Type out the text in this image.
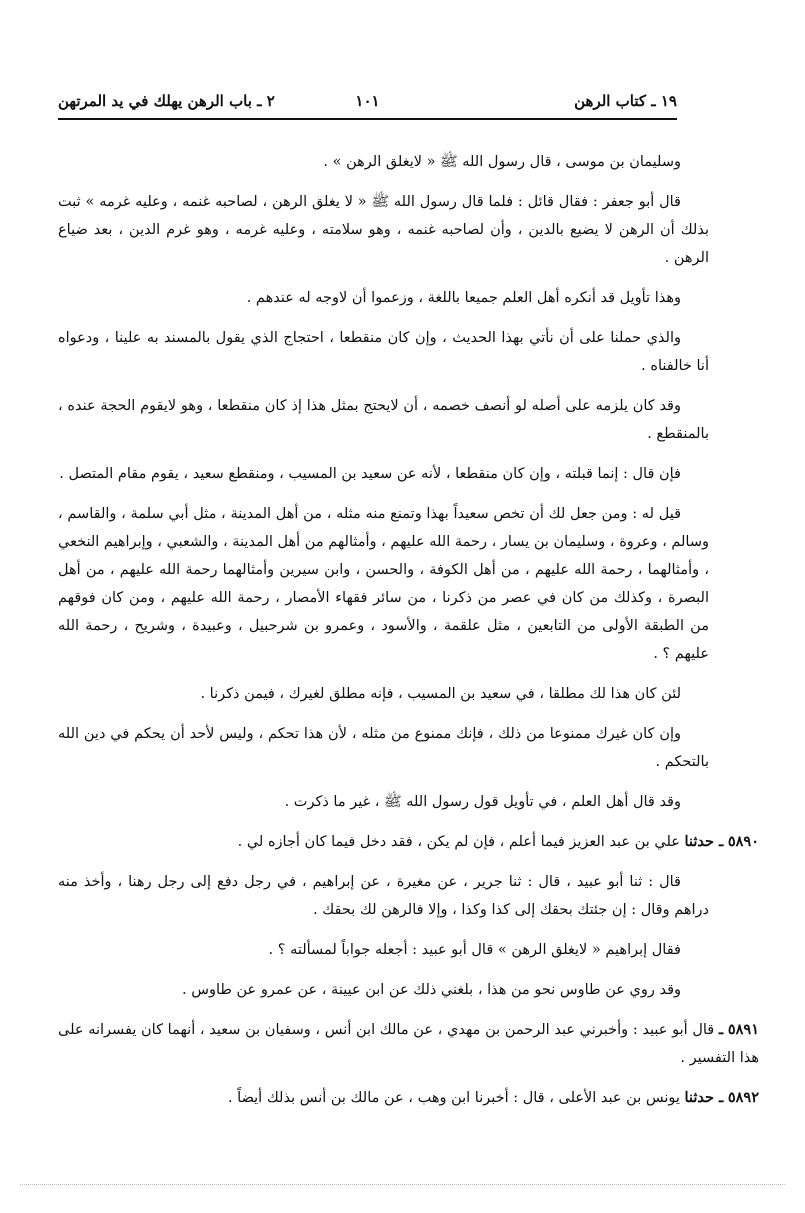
١٩ ـ كتاب الرهن
١٠١
٢ ـ باب الرهن يهلك في يد المرتهن

وسليمان بن موسى ، قال رسول الله ﷺ « لايغلق الرهن » .

قال أبو جعفر : فقال قائل : فلما قال رسول الله ﷺ « لا يغلق الرهن ، لصاحبه غنمه ، وعليه غرمه » ثبت بذلك أن الرهن لا يضيع بالدين ، وأن لصاحبه غنمه ، وهو سلامته ، وعليه غرمه ، وهو غرم الدين ، بعد ضياع الرهن .

وهذا تأويل قد أنكره أهل العلم جميعا باللغة ، وزعموا أن لاوجه له عندهم .

والذي حملنا على أن نأتي بهذا الحديث ، وإن كان منقطعا ، احتجاج الذي يقول بالمسند به علينا ، ودعواه أنا خالفناه .

وقد كان يلزمه على أصله لو أنصف خصمه ، أن لايحتج بمثل هذا إذ كان منقطعا ، وهو لايقوم الحجة عنده ، بالمنقطع .

فإن قال : إنما قبلته ، وإن كان منقطعا ، لأنه عن سعيد بن المسيب ، ومنقطع سعيد ، يقوم مقام المتصل .

قيل له : ومن جعل لك أن تخص سعيداً بهذا وتمنع منه مثله ، من أهل المدينة ، مثل أبي سلمة ، والقاسم ، وسالم ، وعروة ، وسليمان بن يسار ، رحمة الله عليهم ، وأمثالهم من أهل المدينة ، والشعبي ، وإبراهيم النخعي ، وأمثالهما ، رحمة الله عليهم ، من أهل الكوفة ، والحسن ، وابن سيرين وأمثالهما رحمة الله عليهم ، من أهل البصرة ، وكذلك من كان في عصر من ذكرنا ، من سائر فقهاء الأمصار ، رحمة الله عليهم ، ومن كان فوقهم من الطبقة الأولى من التابعين ، مثل علقمة ، والأسود ، وعمرو بن شرحبيل ، وعبيدة ، وشريح ، رحمة الله عليهم ؟ .

لئن كان هذا لك مطلقا ، في سعيد بن المسيب ، فإنه مطلق لغيرك ، فيمن ذكرنا .

وإن كان غيرك ممنوعا من ذلك ، فإنك ممنوع من مثله ، لأن هذا تحكم ، وليس لأحد أن يحكم في دين الله بالتحكم .

وقد قال أهل العلم ، في تأويل قول رسول الله ﷺ ، غير ما ذكرت .

٥٨٩٠ ـ حدثنا علي بن عبد العزيز فيما أعلم ، فإن لم يكن ، فقد دخل فيما كان أجازه لي .

قال : ثنا أبو عبيد ، قال : ثنا جرير ، عن مغيرة ، عن إبراهيم ، في رجل دفع إلى رجل رهنا ، وأخذ منه دراهم وقال : إن جئتك بحقك إلى كذا وكذا ، وإلا فالرهن لك بحقك .

فقال إبراهيم « لايغلق الرهن » قال أبو عبيد : أجعله جواباً لمسألته ؟ .

وقد روي عن طاوس نحو من هذا ، بلغني ذلك عن ابن عيينة ، عن عمرو عن طاوس .

٥٨٩١ ـ قال أبو عبيد : وأخبرني عبد الرحمن بن مهدي ، عن مالك ابن أنس ، وسفيان بن سعيد ، أنهما كان يفسرانه على هذا التفسير .

٥٨٩٢ ـ حدثنا يونس بن عبد الأعلى ، قال : أخبرنا ابن وهب ، عن مالك بن أنس بذلك أيضاً .
